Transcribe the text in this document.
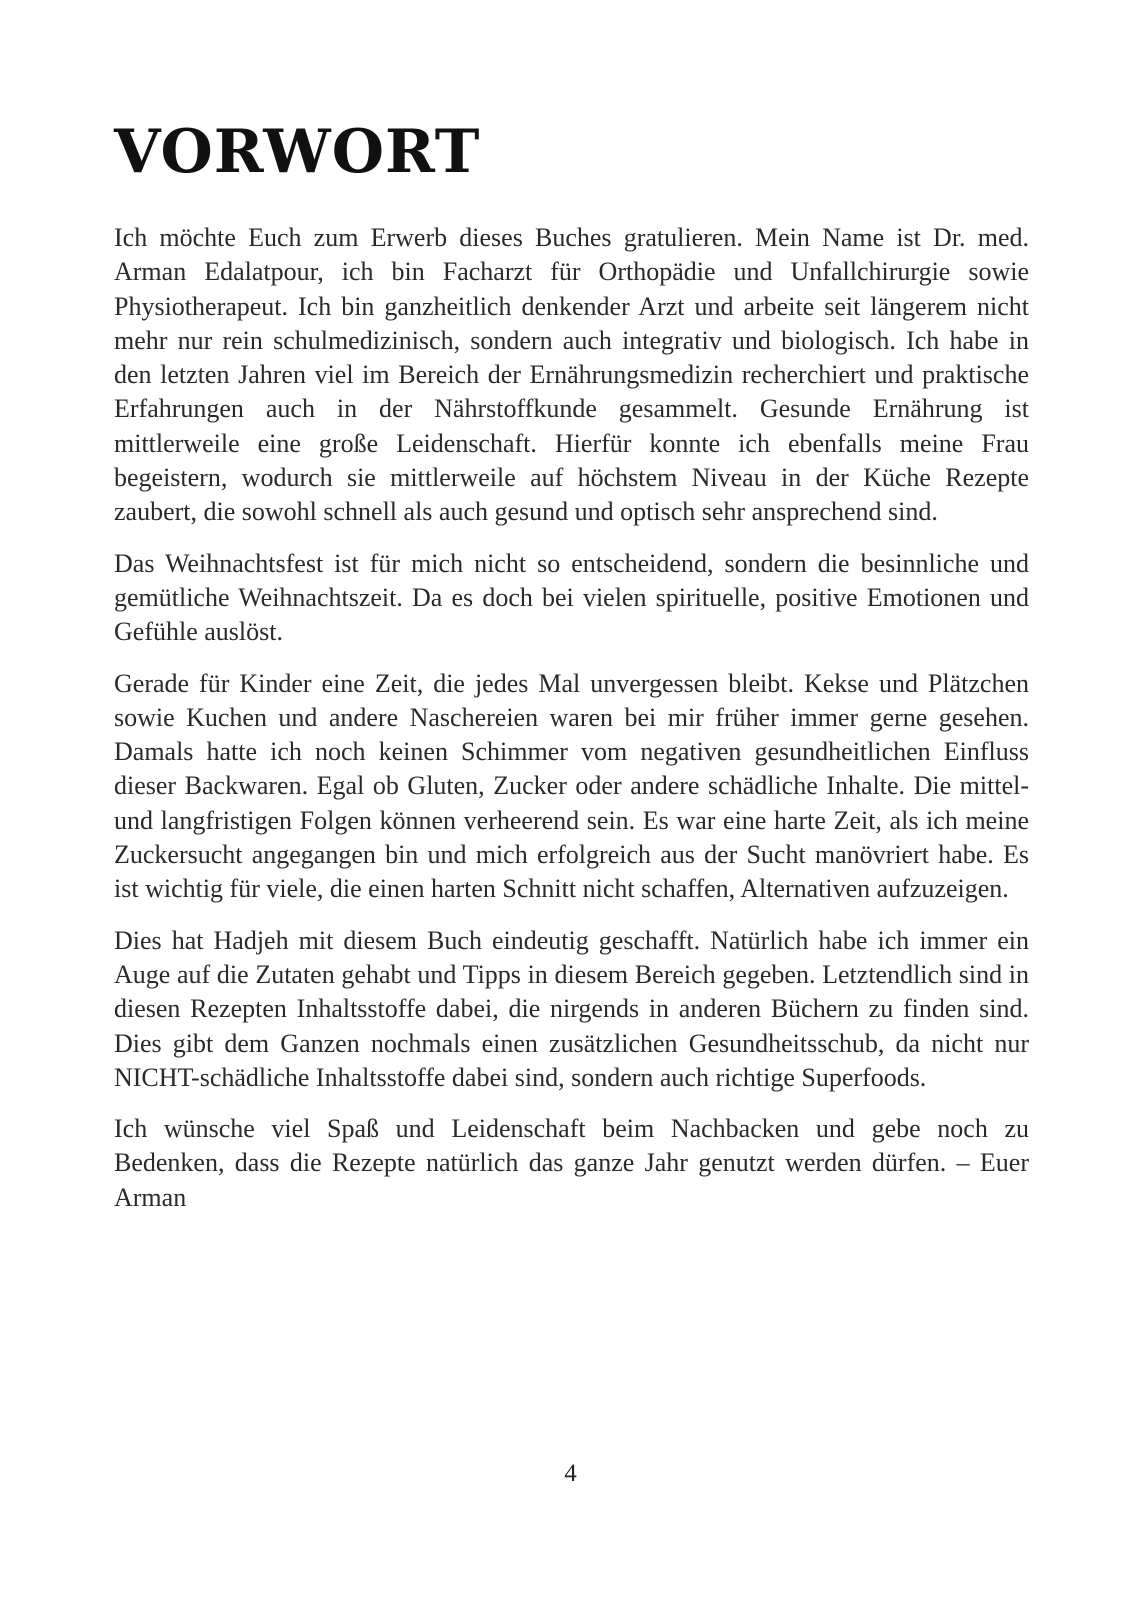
VORWORT

Ich möchte Euch zum Erwerb dieses Buches gratulieren. Mein Name ist Dr. med. Arman Edalatpour, ich bin Facharzt für Orthopädie und Unfallchirurgie sowie Physiotherapeut. Ich bin ganzheitlich denkender Arzt und arbeite seit längerem nicht mehr nur rein schulmedizinisch, sondern auch integrativ und biologisch. Ich habe in den letzten Jahren viel im Bereich der Ernährungsmedizin recherchiert und praktische Erfahrungen auch in der Nährstoffkunde gesammelt. Gesunde Ernährung ist mittlerweile eine große Leidenschaft. Hierfür konnte ich ebenfalls meine Frau begeistern, wodurch sie mittlerweile auf höchstem Niveau in der Küche Rezepte zaubert, die sowohl schnell als auch gesund und optisch sehr ansprechend sind.

Das Weihnachtsfest ist für mich nicht so entscheidend, sondern die besinnliche und gemütliche Weihnachtszeit. Da es doch bei vielen spirituelle, positive Emotionen und Gefühle auslöst.

Gerade für Kinder eine Zeit, die jedes Mal unvergessen bleibt. Kekse und Plätzchen sowie Kuchen und andere Naschereien waren bei mir früher immer gerne gesehen. Damals hatte ich noch keinen Schimmer vom negativen gesundheitlichen Einfluss dieser Backwaren. Egal ob Gluten, Zucker oder andere schädliche Inhalte. Die mittel- und langfristigen Folgen können verheerend sein. Es war eine harte Zeit, als ich meine Zuckersucht angegangen bin und mich erfolgreich aus der Sucht manövriert habe. Es ist wichtig für viele, die einen harten Schnitt nicht schaffen, Alternativen aufzuzeigen.

Dies hat Hadjeh mit diesem Buch eindeutig geschafft. Natürlich habe ich immer ein Auge auf die Zutaten gehabt und Tipps in diesem Bereich gegeben. Letztendlich sind in diesen Rezepten Inhaltsstoffe dabei, die nirgends in anderen Büchern zu finden sind. Dies gibt dem Ganzen nochmals einen zusätzlichen Gesundheitsschub, da nicht nur NICHT-schädliche Inhaltsstoffe dabei sind, sondern auch richtige Superfoods.

Ich wünsche viel Spaß und Leidenschaft beim Nachbacken und gebe noch zu Bedenken, dass die Rezepte natürlich das ganze Jahr genutzt werden dürfen. – Euer Arman

4
